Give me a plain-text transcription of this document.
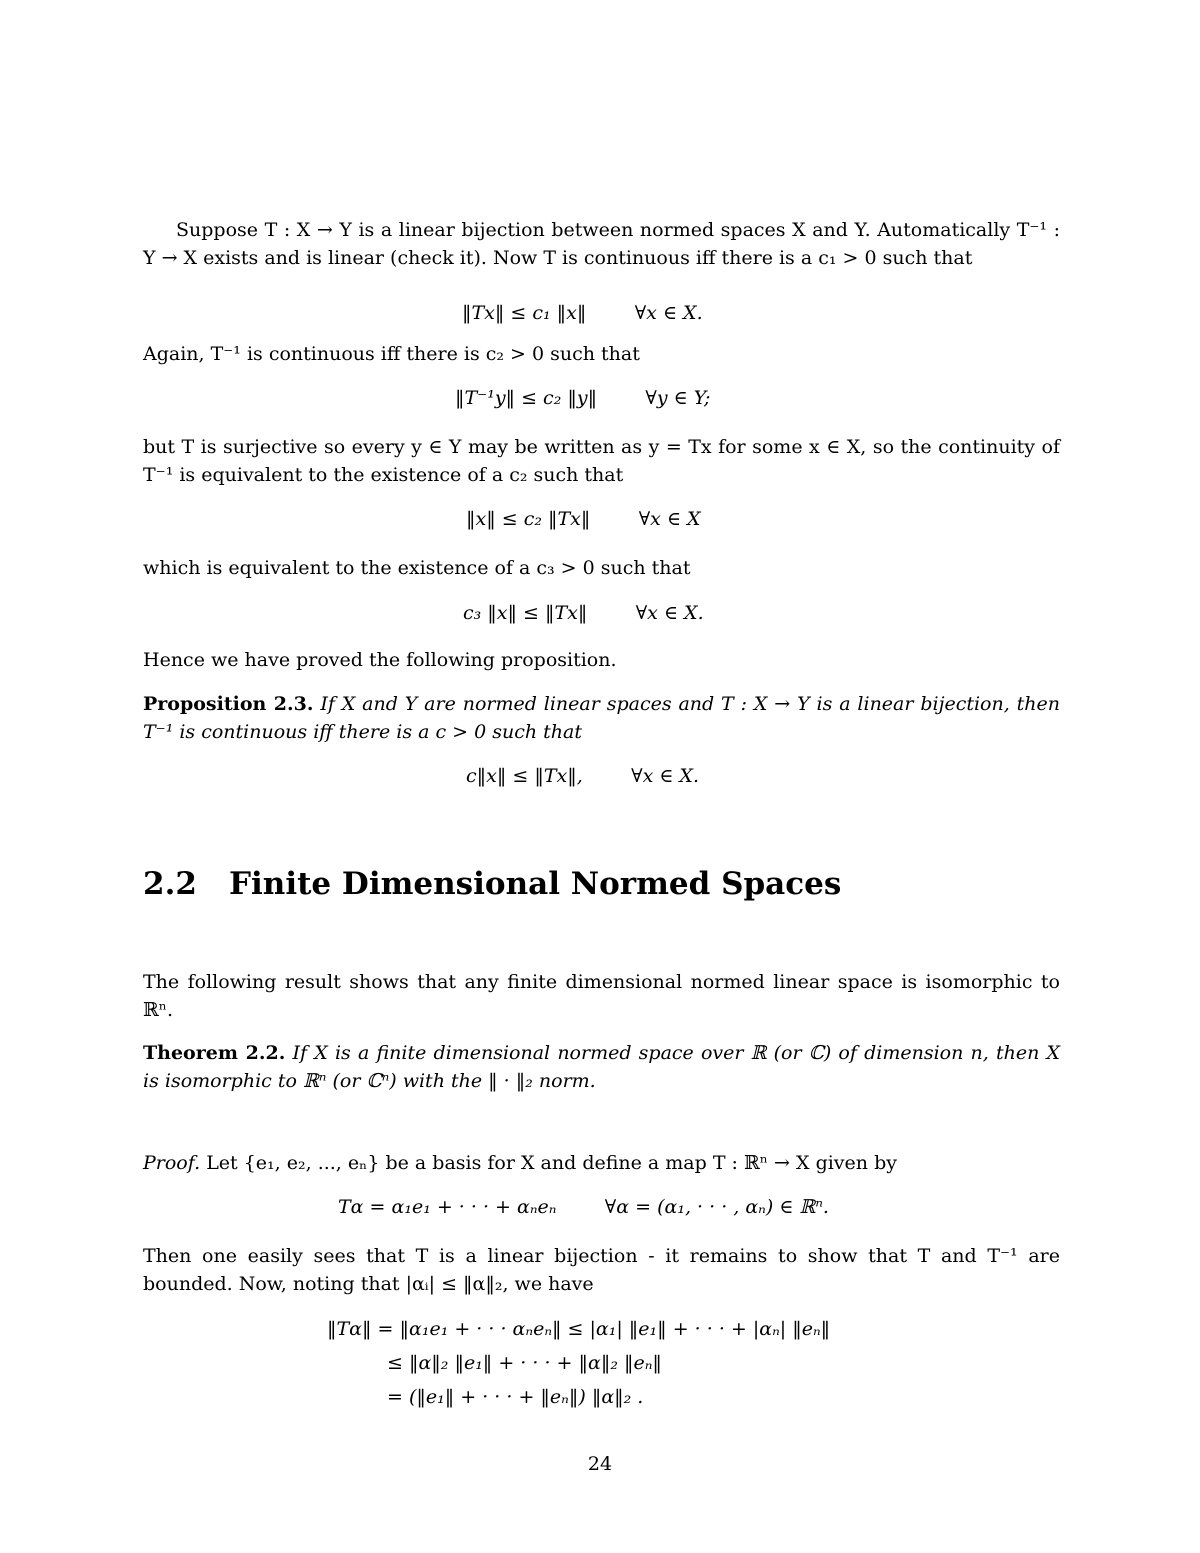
Suppose T : X → Y is a linear bijection between normed spaces X and Y. Automatically T⁻¹ : Y → X exists and is linear (check it). Now T is continuous iff there is a c₁ > 0 such that
‖Tx‖ ≤ c₁ ‖x‖        ∀x ∈ X.
Again, T⁻¹ is continuous iff there is c₂ > 0 such that
‖T⁻¹y‖ ≤ c₂ ‖y‖        ∀y ∈ Y;
but T is surjective so every y ∈ Y may be written as y = Tx for some x ∈ X, so the continuity of T⁻¹ is equivalent to the existence of a c₂ such that
‖x‖ ≤ c₂ ‖Tx‖        ∀x ∈ X
which is equivalent to the existence of a c₃ > 0 such that
c₃ ‖x‖ ≤ ‖Tx‖        ∀x ∈ X.
Hence we have proved the following proposition.
Proposition 2.3. If X and Y are normed linear spaces and T : X → Y is a linear bijection, then T⁻¹ is continuous iff there is a c > 0 such that
c‖x‖ ≤ ‖Tx‖,        ∀x ∈ X.
2.2 Finite Dimensional Normed Spaces
The following result shows that any finite dimensional normed linear space is isomorphic to ℝⁿ.
Theorem 2.2. If X is a finite dimensional normed space over ℝ (or ℂ) of dimension n, then X is isomorphic to ℝⁿ (or ℂⁿ) with the ‖ · ‖₂ norm.
Proof. Let {e₁, e₂, ..., eₙ} be a basis for X and define a map T : ℝⁿ → X given by
Tα = α₁e₁ + · · · + αₙeₙ        ∀α = (α₁, · · · , αₙ) ∈ ℝⁿ.
Then one easily sees that T is a linear bijection - it remains to show that T and T⁻¹ are bounded. Now, noting that |αᵢ| ≤ ‖α‖₂, we have
‖Tα‖ = ‖α₁e₁ + · · · αₙeₙ‖ ≤ |α₁| ‖e₁‖ + · · · + |αₙ| ‖eₙ‖
≤ ‖α‖₂ ‖e₁‖ + · · · + ‖α‖₂ ‖eₙ‖
= (‖e₁‖ + · · · + ‖eₙ‖) ‖α‖₂ .
24
